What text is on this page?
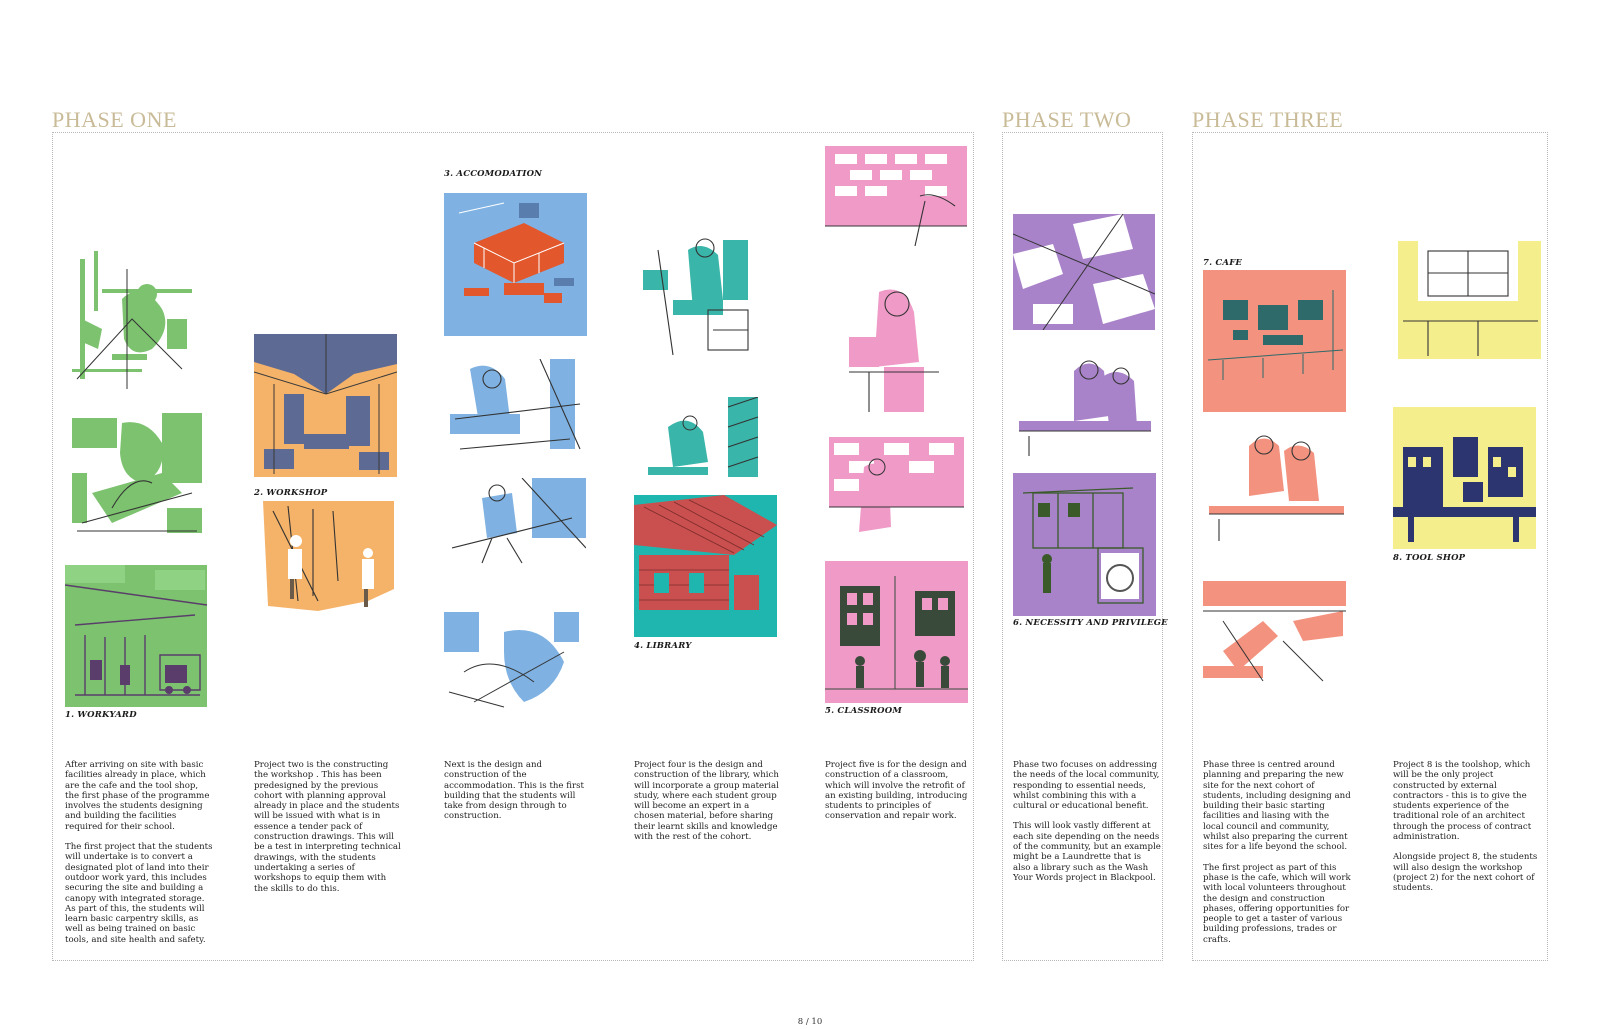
PHASE ONE	PHASE TWO	PHASE THREE

1. WORKYARD

2. WORKSHOP

3. ACCOMODATION

4. LIBRARY

5. CLASSROOM

6. NECESSITY AND PRIVILEGE

7. CAFE

8. TOOL SHOP

After arriving on site with basic facilities already in place, which are the cafe and the tool shop, the first phase of the programme involves the students designing and building the facilities required for their school.

The first project that the students will undertake is to convert a designated plot of land into their outdoor work yard, this includes securing the site and building a canopy with integrated storage. As part of this, the students will learn basic carpentry skills, as well as being trained on basic tools, and site health and safety.

Project two is the constructing the workshop . This has been predesigned by the previous cohort with planning approval already in place and the students will be issued with what is in essence a tender pack of construction drawings. This will be a test in interpreting technical drawings, with the students undertaking a series of workshops to equip them with the skills to do this.

Next is the design and construction of the accommodation. This is the first building that the students will take from design through to construction.

Project four is the design and construction of the library, which will incorporate a group material study, where each student group will become an expert in a chosen material, before sharing their learnt skills and knowledge with the rest of the cohort.

Project five is for the design and construction of a classroom, which will involve the retrofit of an existing building, introducing students to principles of conservation and repair work.

Phase two focuses on addressing the needs of the local community, responding to essential needs, whilst combining this with a cultural or educational benefit.

This will look vastly different at each site depending on the needs of the community, but an example might be a Laundrette that is also a library such as the Wash Your Words project in Blackpool.

Phase three is centred around planning and preparing the new site for the next cohort of students, including designing and building their basic starting facilities and liasing with the local council and community, whilst also preparing the current sites for a life beyond the school.

The first project as part of this phase is the cafe, which will work with local volunteers throughout the design and construction phases, offering opportunities for people to get a taster of various building professions, trades or crafts.

Project 8 is the toolshop, which will be the only project constructed by external contractors - this is to give the students experience of the traditional role of an architect through the process of contract administration.

Alongside project 8, the students will also design the workshop (project 2) for the next cohort of students.

8 / 10
